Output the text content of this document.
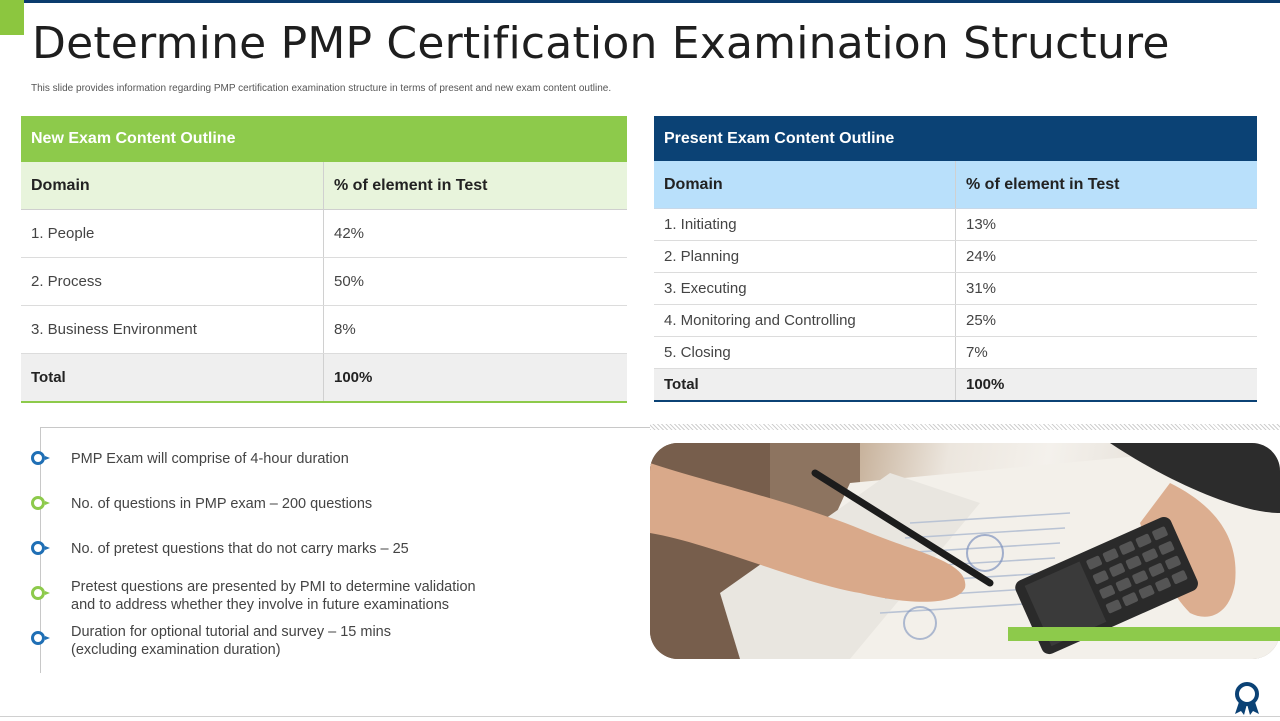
Determine PMP Certification Examination Structure
This slide provides information regarding PMP certification examination structure in terms of present and new exam content outline.
New Exam Content Outline	
Domain	% of element in Test
1. People	42%
2. Process	50%
3. Business Environment	8%
Total	100%
Present Exam Content Outline	
Domain	% of element in Test
1. Initiating	13%
2. Planning	24%
3. Executing	31%
4. Monitoring and Controlling	25%
5. Closing	7%
Total	100%
PMP Exam will comprise of 4-hour duration
No. of questions in PMP exam – 200 questions
No. of pretest questions that do not carry marks – 25
Pretest questions are presented by PMI to determine validation
and to address whether they involve in future examinations
Duration for optional tutorial and survey – 15 mins
(excluding examination duration)
